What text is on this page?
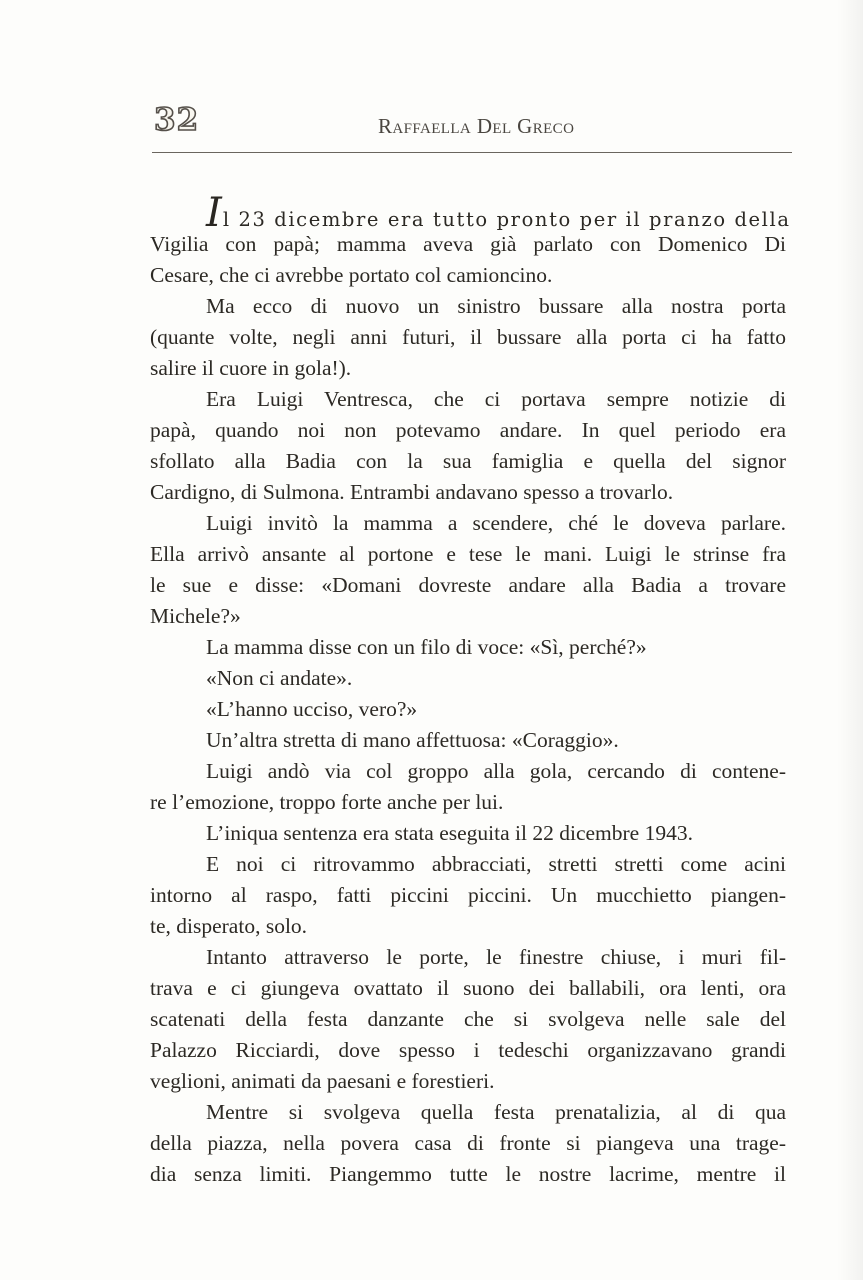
32	Raffaella Del Greco
Il 23 dicembre era tutto pronto per il pranzo della
Vigilia con papà; mamma aveva già parlato con Domenico Di
Cesare, che ci avrebbe portato col camioncino.
Ma ecco di nuovo un sinistro bussare alla nostra porta
(quante volte, negli anni futuri, il bussare alla porta ci ha fatto
salire il cuore in gola!).
Era Luigi Ventresca, che ci portava sempre notizie di
papà, quando noi non potevamo andare. In quel periodo era
sfollato alla Badia con la sua famiglia e quella del signor
Cardigno, di Sulmona. Entrambi andavano spesso a trovarlo.
Luigi invitò la mamma a scendere, ché le doveva parlare.
Ella arrivò ansante al portone e tese le mani. Luigi le strinse fra
le sue e disse: «Domani dovreste andare alla Badia a trovare
Michele?»
La mamma disse con un filo di voce: «Sì, perché?»
«Non ci andate».
«L’hanno ucciso, vero?»
Un’altra stretta di mano affettuosa: «Coraggio».
Luigi andò via col groppo alla gola, cercando di contene-
re l’emozione, troppo forte anche per lui.
L’iniqua sentenza era stata eseguita il 22 dicembre 1943.
E noi ci ritrovammo abbracciati, stretti stretti come acini
intorno al raspo, fatti piccini piccini. Un mucchietto piangen-
te, disperato, solo.
Intanto attraverso le porte, le finestre chiuse, i muri fil-
trava e ci giungeva ovattato il suono dei ballabili, ora lenti, ora
scatenati della festa danzante che si svolgeva nelle sale del
Palazzo Ricciardi, dove spesso i tedeschi organizzavano grandi
veglioni, animati da paesani e forestieri.
Mentre si svolgeva quella festa prenatalizia, al di qua
della piazza, nella povera casa di fronte si piangeva una trage-
dia senza limiti. Piangemmo tutte le nostre lacrime, mentre il
